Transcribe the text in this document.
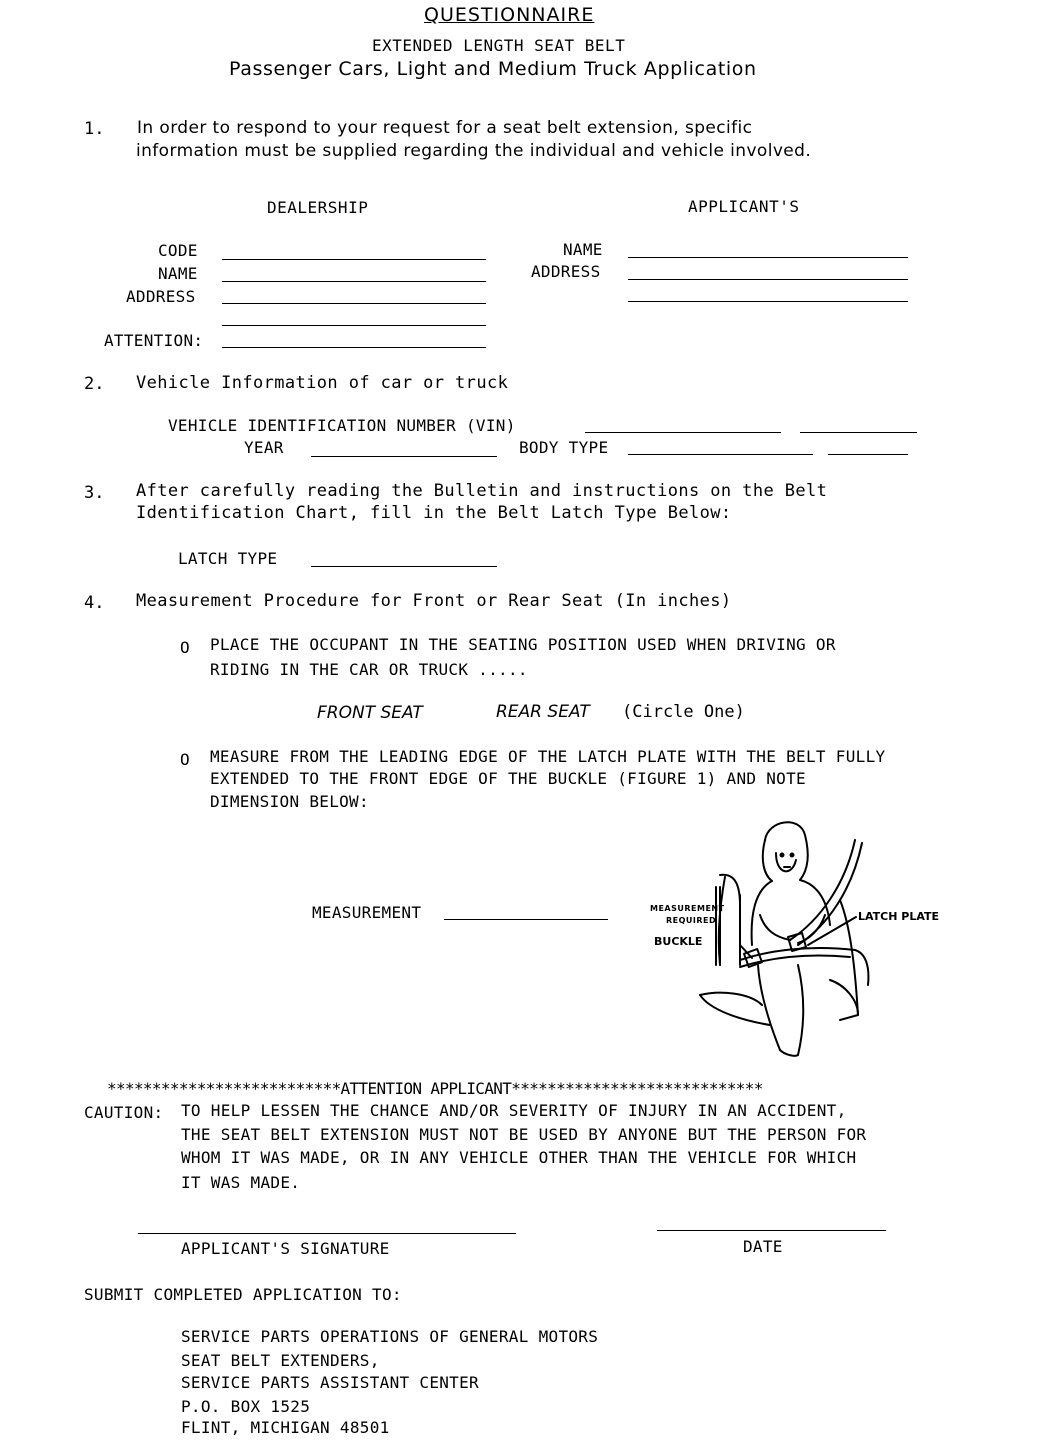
QUESTIONNAIRE
EXTENDED LENGTH SEAT BELT
Passenger Cars, Light and Medium Truck Application
1. In order to respond to your request for a seat belt extension, specific
information must be supplied regarding the individual and vehicle involved.
DEALERSHIP	APPLICANT'S
CODE
NAME
ADDRESS
ATTENTION:
NAME
ADDRESS
2. Vehicle Information of car or truck
VEHICLE IDENTIFICATION NUMBER (VIN)
YEAR	BODY TYPE
3. After carefully reading the Bulletin and instructions on the Belt
Identification Chart, fill in the Belt Latch Type Below:
LATCH TYPE
4. Measurement Procedure for Front or Rear Seat (In inches)
O PLACE THE OCCUPANT IN THE SEATING POSITION USED WHEN DRIVING OR
RIDING IN THE CAR OR TRUCK .....
FRONT SEAT	REAR SEAT (Circle One)
O MEASURE FROM THE LEADING EDGE OF THE LATCH PLATE WITH THE BELT FULLY
EXTENDED TO THE FRONT EDGE OF THE BUCKLE (FIGURE 1) AND NOTE
DIMENSION BELOW:
MEASUREMENT	MEASUREMENT
REQUIRED
BUCKLE
LATCH PLATE
**************************ATTENTION APPLICANT****************************
CAUTION: TO HELP LESSEN THE CHANCE AND/OR SEVERITY OF INJURY IN AN ACCIDENT,
THE SEAT BELT EXTENSION MUST NOT BE USED BY ANYONE BUT THE PERSON FOR
WHOM IT WAS MADE, OR IN ANY VEHICLE OTHER THAN THE VEHICLE FOR WHICH
IT WAS MADE.
APPLICANT'S SIGNATURE	DATE
SUBMIT COMPLETED APPLICATION TO:
SERVICE PARTS OPERATIONS OF GENERAL MOTORS
SEAT BELT EXTENDERS,
SERVICE PARTS ASSISTANT CENTER
P.O. BOX 1525
FLINT, MICHIGAN 48501
